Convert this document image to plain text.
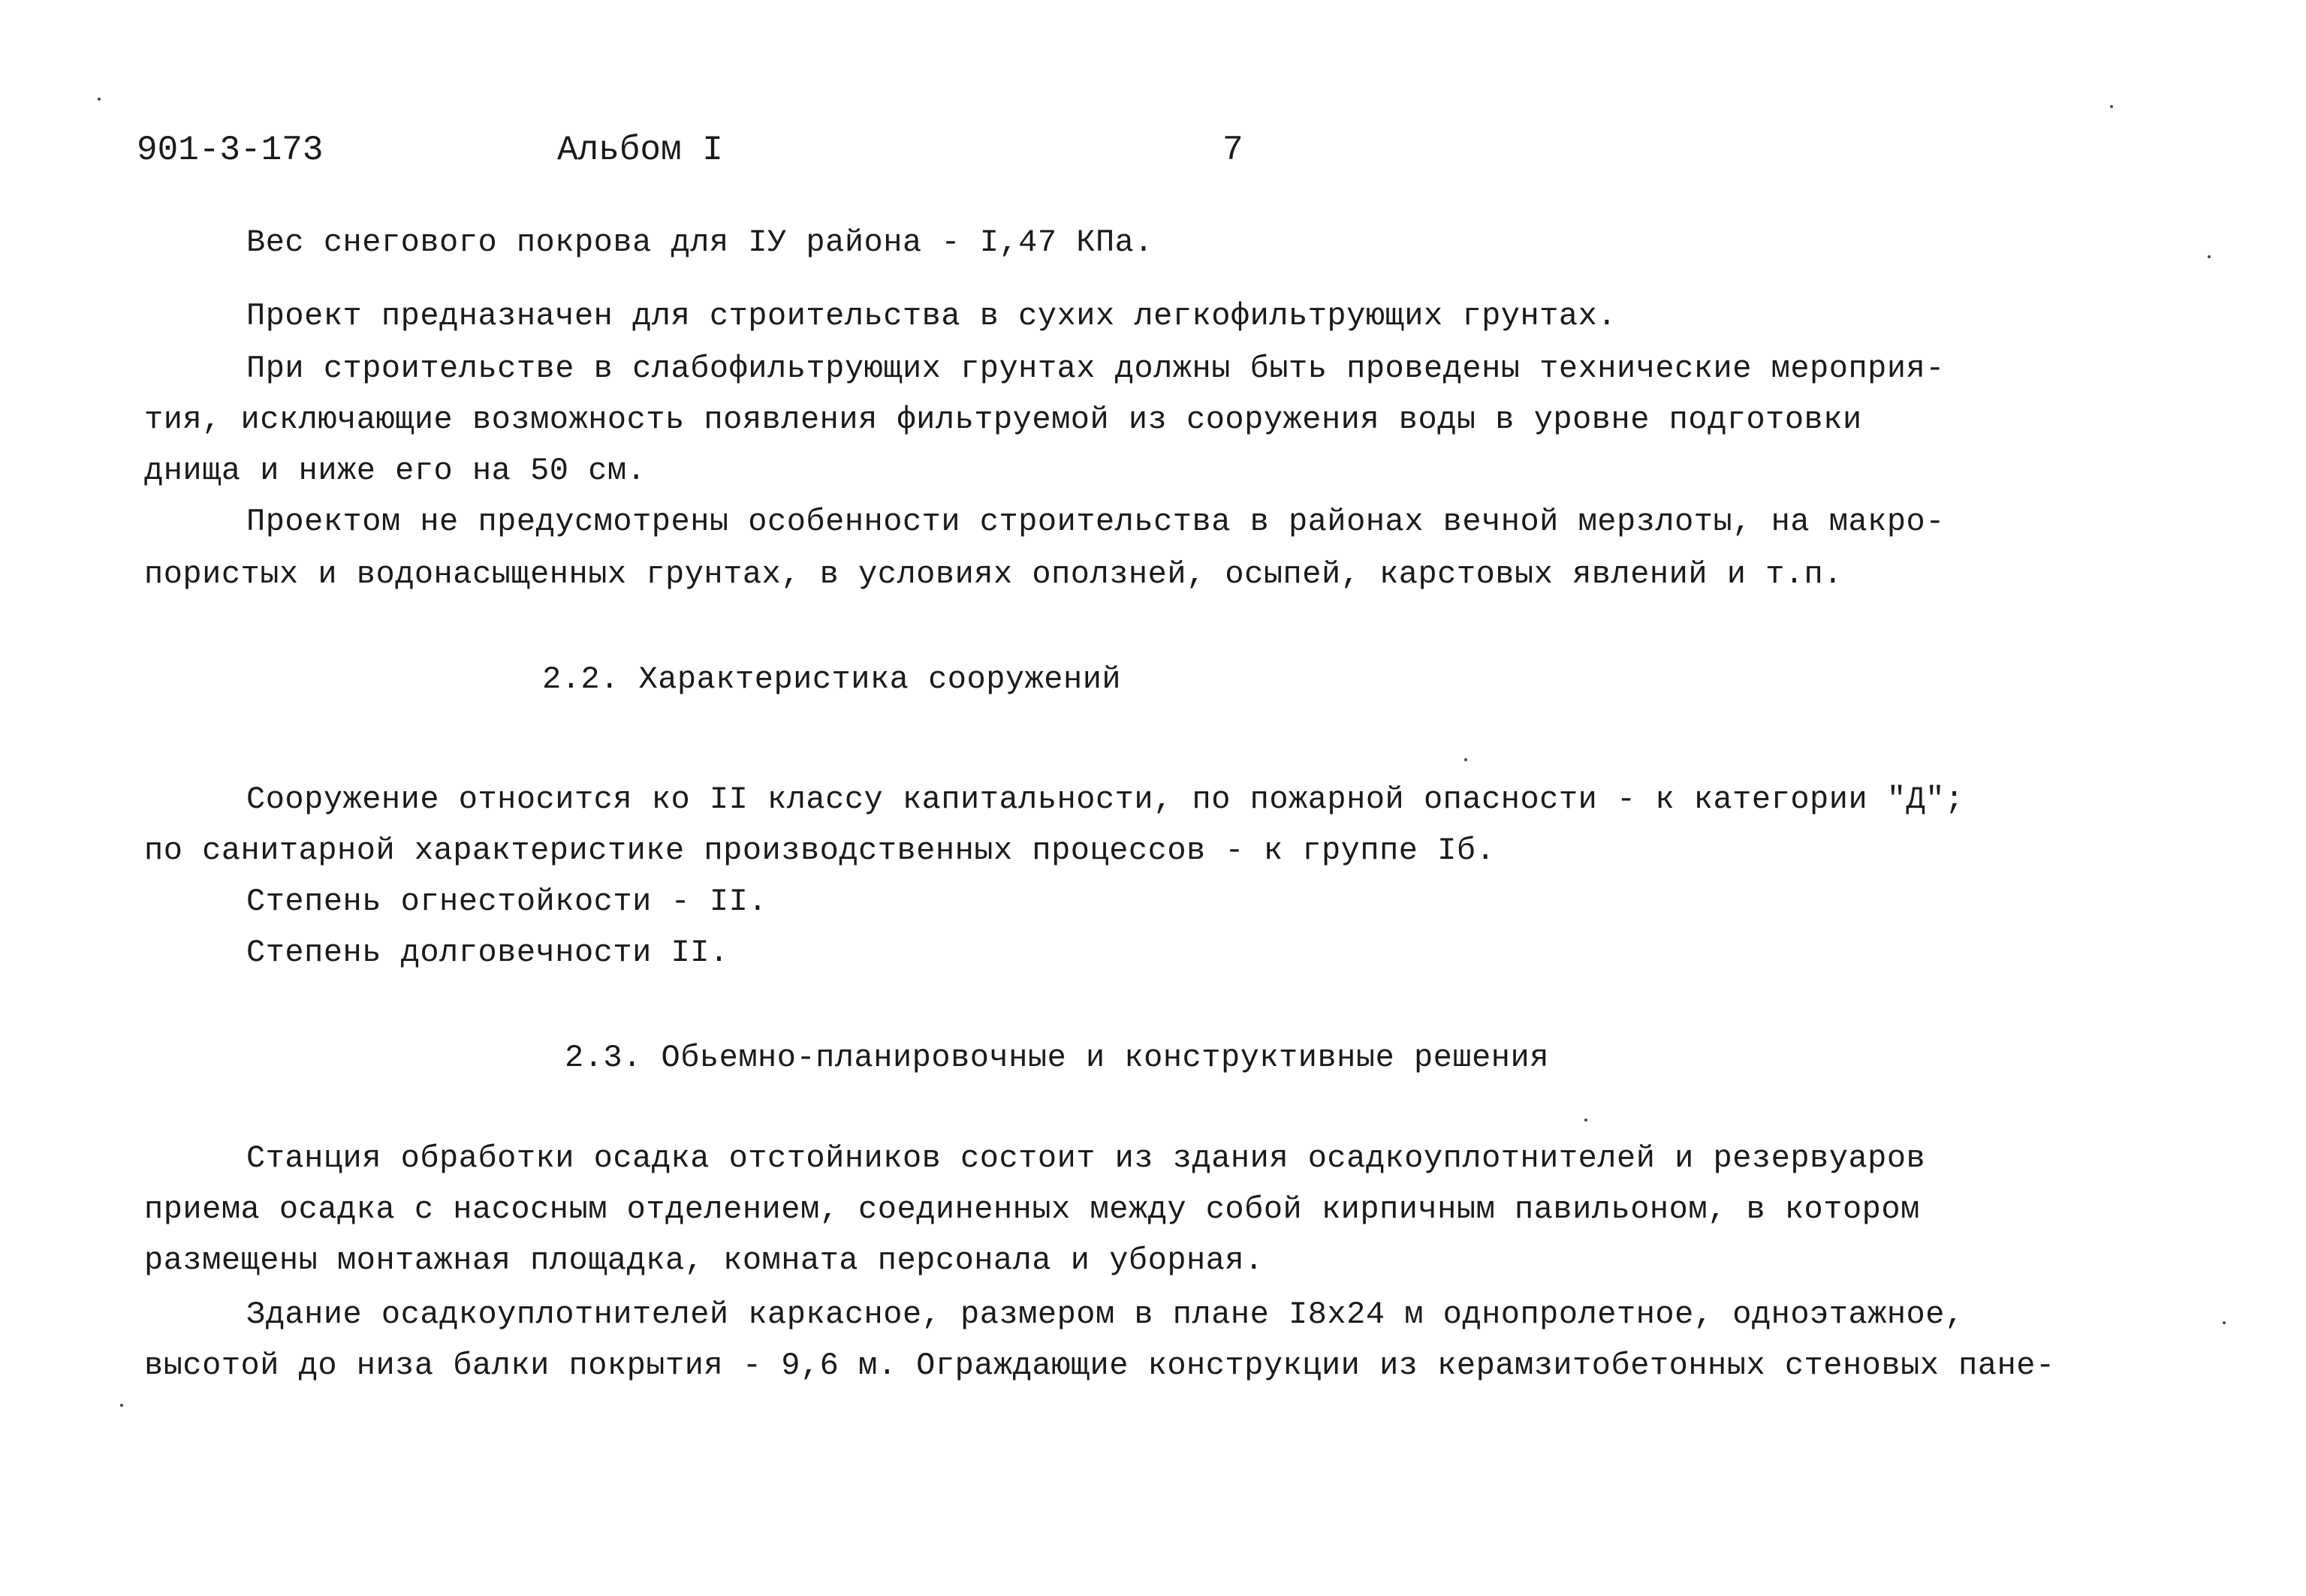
901-3-173	Альбом I	7
Вес снегового покрова для IУ района - I,47 КПа.
Проект предназначен для строительства в сухих легкофильтрующих грунтах.
При строительстве в слабофильтрующих грунтах должны быть проведены технические мероприя-
тия, исключающие возможность появления фильтруемой из сооружения воды в уровне подготовки
днища и ниже его на 50 см.
Проектом не предусмотрены особенности строительства в районах вечной мерзлоты, на макро-
пористых и водонасыщенных грунтах, в условиях оползней, осыпей, карстовых явлений и т.п.
2.2. Характеристика сооружений
Сооружение относится ко II классу капитальности, по пожарной опасности - к категории "Д";
по санитарной характеристике производственных процессов - к группе Iб.
Степень огнестойкости - II.
Степень долговечности II.
2.3. Обьемно-планировочные и конструктивные решения
Станция обработки осадка отстойников состоит из здания осадкоуплотнителей и резервуаров
приема осадка с насосным отделением, соединенных между собой кирпичным павильоном, в котором
размещены монтажная площадка, комната персонала и уборная.
Здание осадкоуплотнителей каркасное, размером в плане I8х24 м однопролетное, одноэтажное,
высотой до низа балки покрытия - 9,6 м. Ограждающие конструкции из керамзитобетонных стеновых пане-
